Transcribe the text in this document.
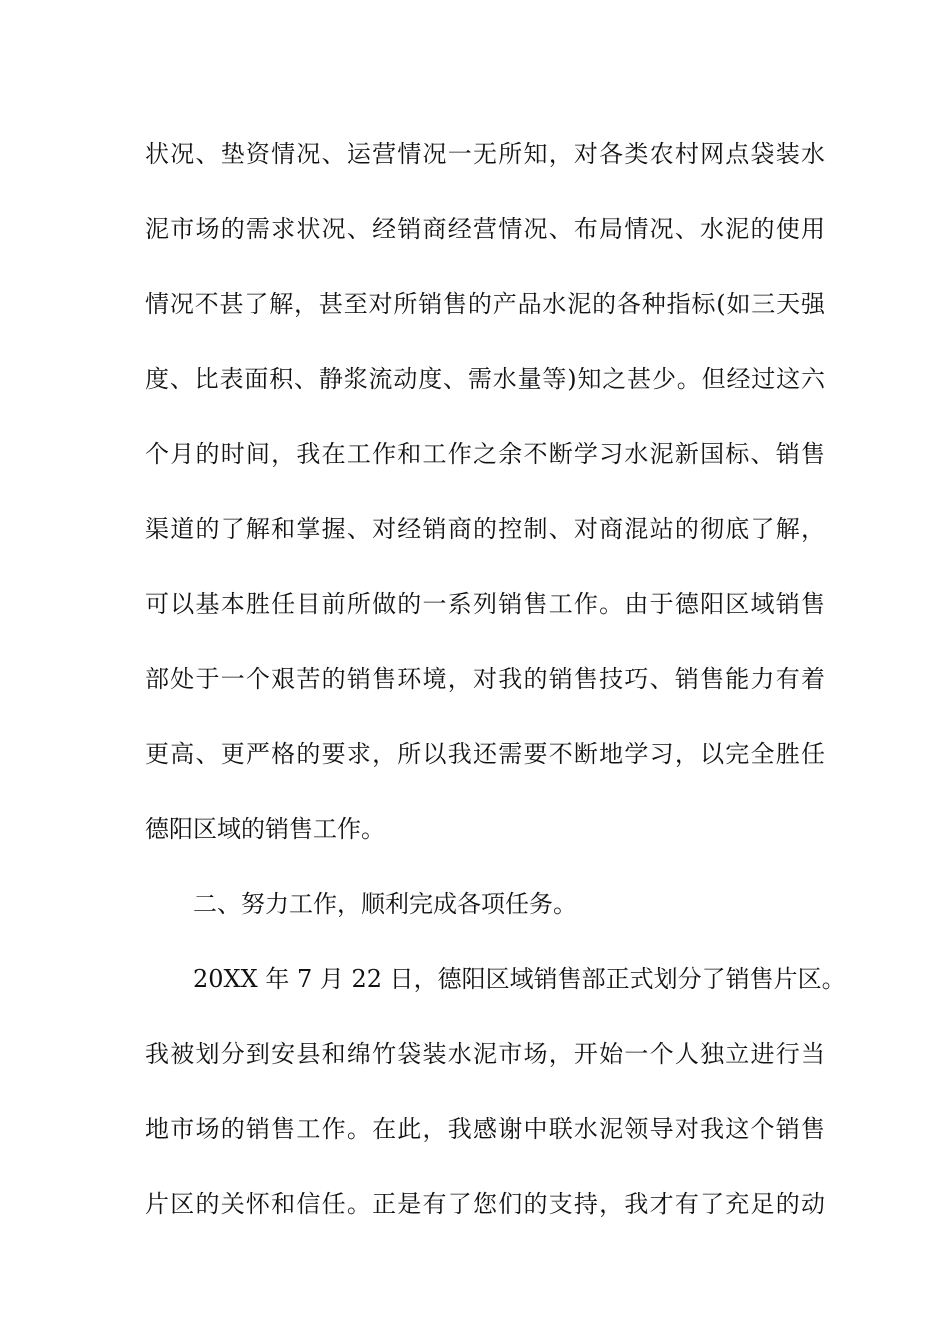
状况、垫资情况、运营情况一无所知，对各类农村网点袋装水
泥市场的需求状况、经销商经营情况、布局情况、水泥的使用
情况不甚了解，甚至对所销售的产品水泥的各种指标(如三天强
度、比表面积、静浆流动度、需水量等)知之甚少。但经过这六
个月的时间，我在工作和工作之余不断学习水泥新国标、销售
渠道的了解和掌握、对经销商的控制、对商混站的彻底了解，
可以基本胜任目前所做的一系列销售工作。由于德阳区域销售
部处于一个艰苦的销售环境，对我的销售技巧、销售能力有着
更高、更严格的要求，所以我还需要不断地学习，以完全胜任
德阳区域的销售工作。
二、努力工作，顺利完成各项任务。
20XX 年 7 月 22 日，德阳区域销售部正式划分了销售片区。
我被划分到安县和绵竹袋装水泥市场，开始一个人独立进行当
地市场的销售工作。在此，我感谢中联水泥领导对我这个销售
片区的关怀和信任。正是有了您们的支持，我才有了充足的动
